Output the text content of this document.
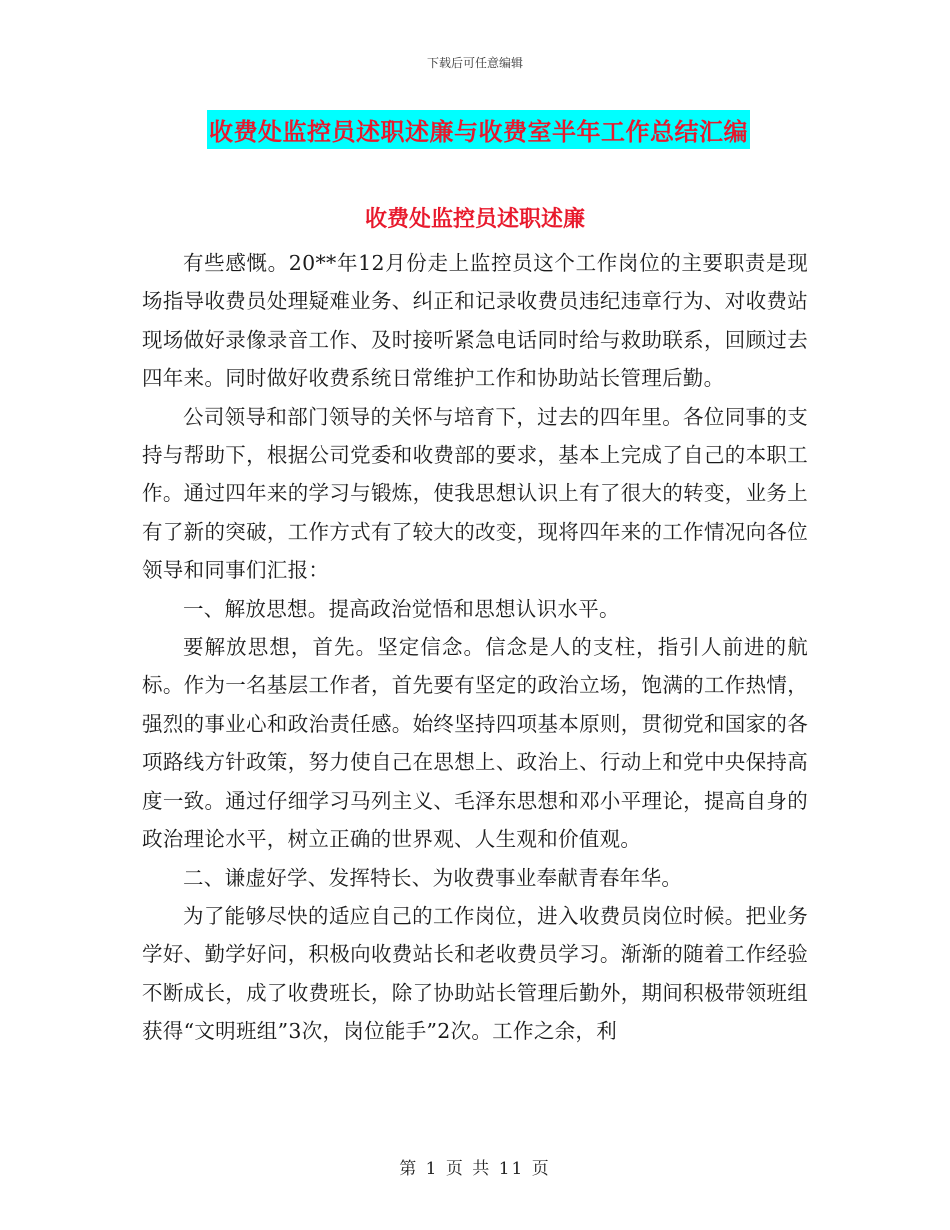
下载后可任意编辑
收费处监控员述职述廉与收费室半年工作总结汇编
收费处监控员述职述廉

有些感慨。20**年12月份走上监控员这个工作岗位的主要职责是现场指导收费员处理疑难业务、纠正和记录收费员违纪违章行为、对收费站现场做好录像录音工作、及时接听紧急电话同时给与救助联系，回顾过去四年来。同时做好收费系统日常维护工作和协助站长管理后勤。

公司领导和部门领导的关怀与培育下，过去的四年里。各位同事的支持与帮助下，根据公司党委和收费部的要求，基本上完成了自己的本职工作。通过四年来的学习与锻炼，使我思想认识上有了很大的转变，业务上有了新的突破，工作方式有了较大的改变，现将四年来的工作情况向各位领导和同事们汇报：

一、解放思想。提高政治觉悟和思想认识水平。

要解放思想，首先。坚定信念。信念是人的支柱，指引人前进的航标。作为一名基层工作者，首先要有坚定的政治立场，饱满的工作热情，强烈的事业心和政治责任感。始终坚持四项基本原则，贯彻党和国家的各项路线方针政策，努力使自己在思想上、政治上、行动上和党中央保持高度一致。通过仔细学习马列主义、毛泽东思想和邓小平理论，提高自身的政治理论水平，树立正确的世界观、人生观和价值观。

二、谦虚好学、发挥特长、为收费事业奉献青春年华。

为了能够尽快的适应自己的工作岗位，进入收费员岗位时候。把业务学好、勤学好问，积极向收费站长和老收费员学习。渐渐的随着工作经验不断成长，成了收费班长，除了协助站长管理后勤外，期间积极带领班组获得“文明班组”3次，岗位能手”2次。工作之余，利

第 1 页 共 11 页
